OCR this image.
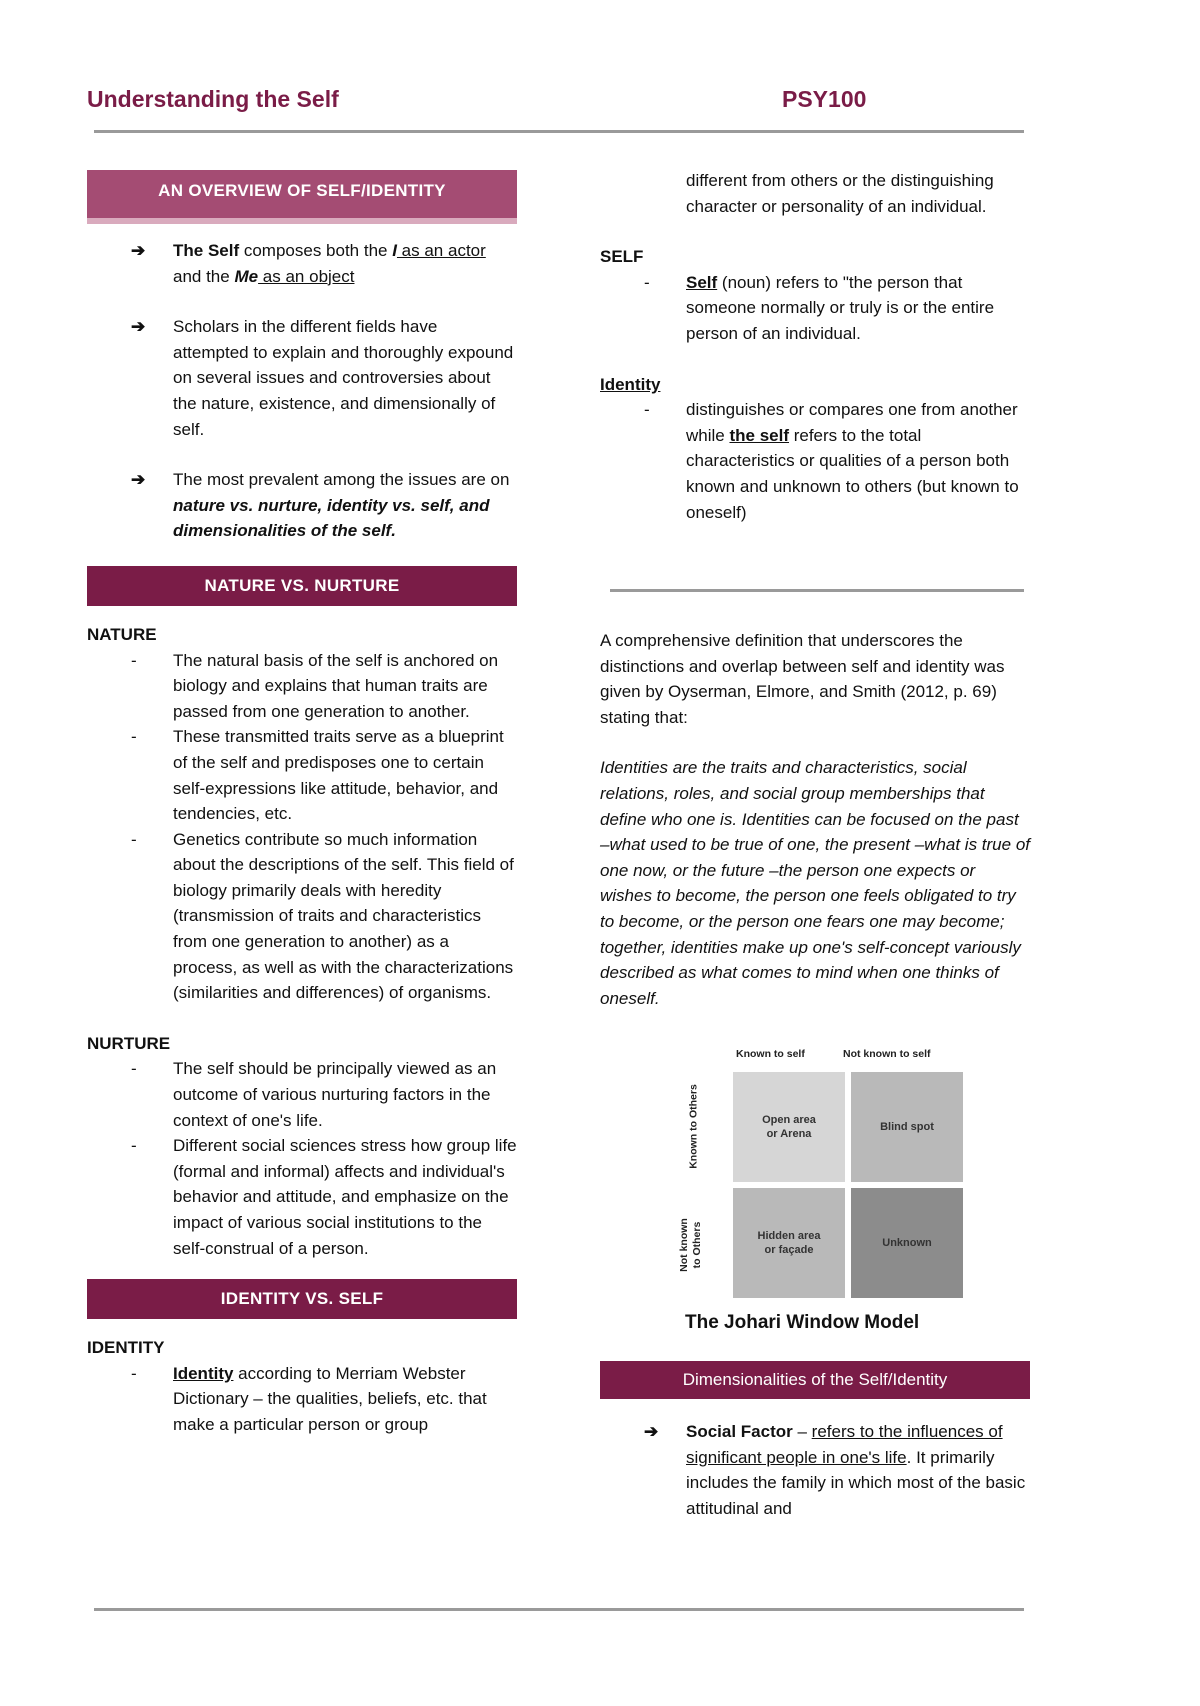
Understanding the Self	PSY100
AN OVERVIEW OF SELF/IDENTITY
➔ The Self composes both the I as an actor and the Me as an object
➔ Scholars in the different fields have attempted to explain and thoroughly expound on several issues and controversies about the nature, existence, and dimensionally of self.
➔ The most prevalent among the issues are on nature vs. nurture, identity vs. self, and dimensionalities of the self.
NATURE VS. NURTURE
NATURE
- The natural basis of the self is anchored on biology and explains that human traits are passed from one generation to another.
- These transmitted traits serve as a blueprint of the self and predisposes one to certain self-expressions like attitude, behavior, and tendencies, etc.
- Genetics contribute so much information about the descriptions of the self. This field of biology primarily deals with heredity (transmission of traits and characteristics from one generation to another) as a process, as well as with the characterizations (similarities and differences) of organisms.
NURTURE
- The self should be principally viewed as an outcome of various nurturing factors in the context of one's life.
- Different social sciences stress how group life (formal and informal) affects and individual's behavior and attitude, and emphasize on the impact of various social institutions to the self-construal of a person.
IDENTITY VS. SELF
IDENTITY
- Identity according to Merriam Webster Dictionary – the qualities, beliefs, etc. that make a particular person or group
different from others or the distinguishing character or personality of an individual.
SELF
- Self (noun) refers to "the person that someone normally or truly is or the entire person of an individual.
Identity
- distinguishes or compares one from another while the self refers to the total characteristics or qualities of a person both known and unknown to others (but known to oneself)
A comprehensive definition that underscores the distinctions and overlap between self and identity was given by Oyserman, Elmore, and Smith (2012, p. 69) stating that:
Identities are the traits and characteristics, social relations, roles, and social group memberships that define who one is. Identities can be focused on the past –what used to be true of one, the present –what is true of one now, or the future –the person one expects or wishes to become, the person one feels obligated to try to become, or the person one fears one may become; together, identities make up one's self-concept variously described as what comes to mind when one thinks of oneself.
Known to self	Not known to self
Known to Others
Not known to Others
Open area
or Arena
Blind spot
Hidden area
or façade
Unknown
The Johari Window Model
Dimensionalities of the Self/Identity
➔ Social Factor – refers to the influences of significant people in one's life. It primarily includes the family in which most of the basic attitudinal and
